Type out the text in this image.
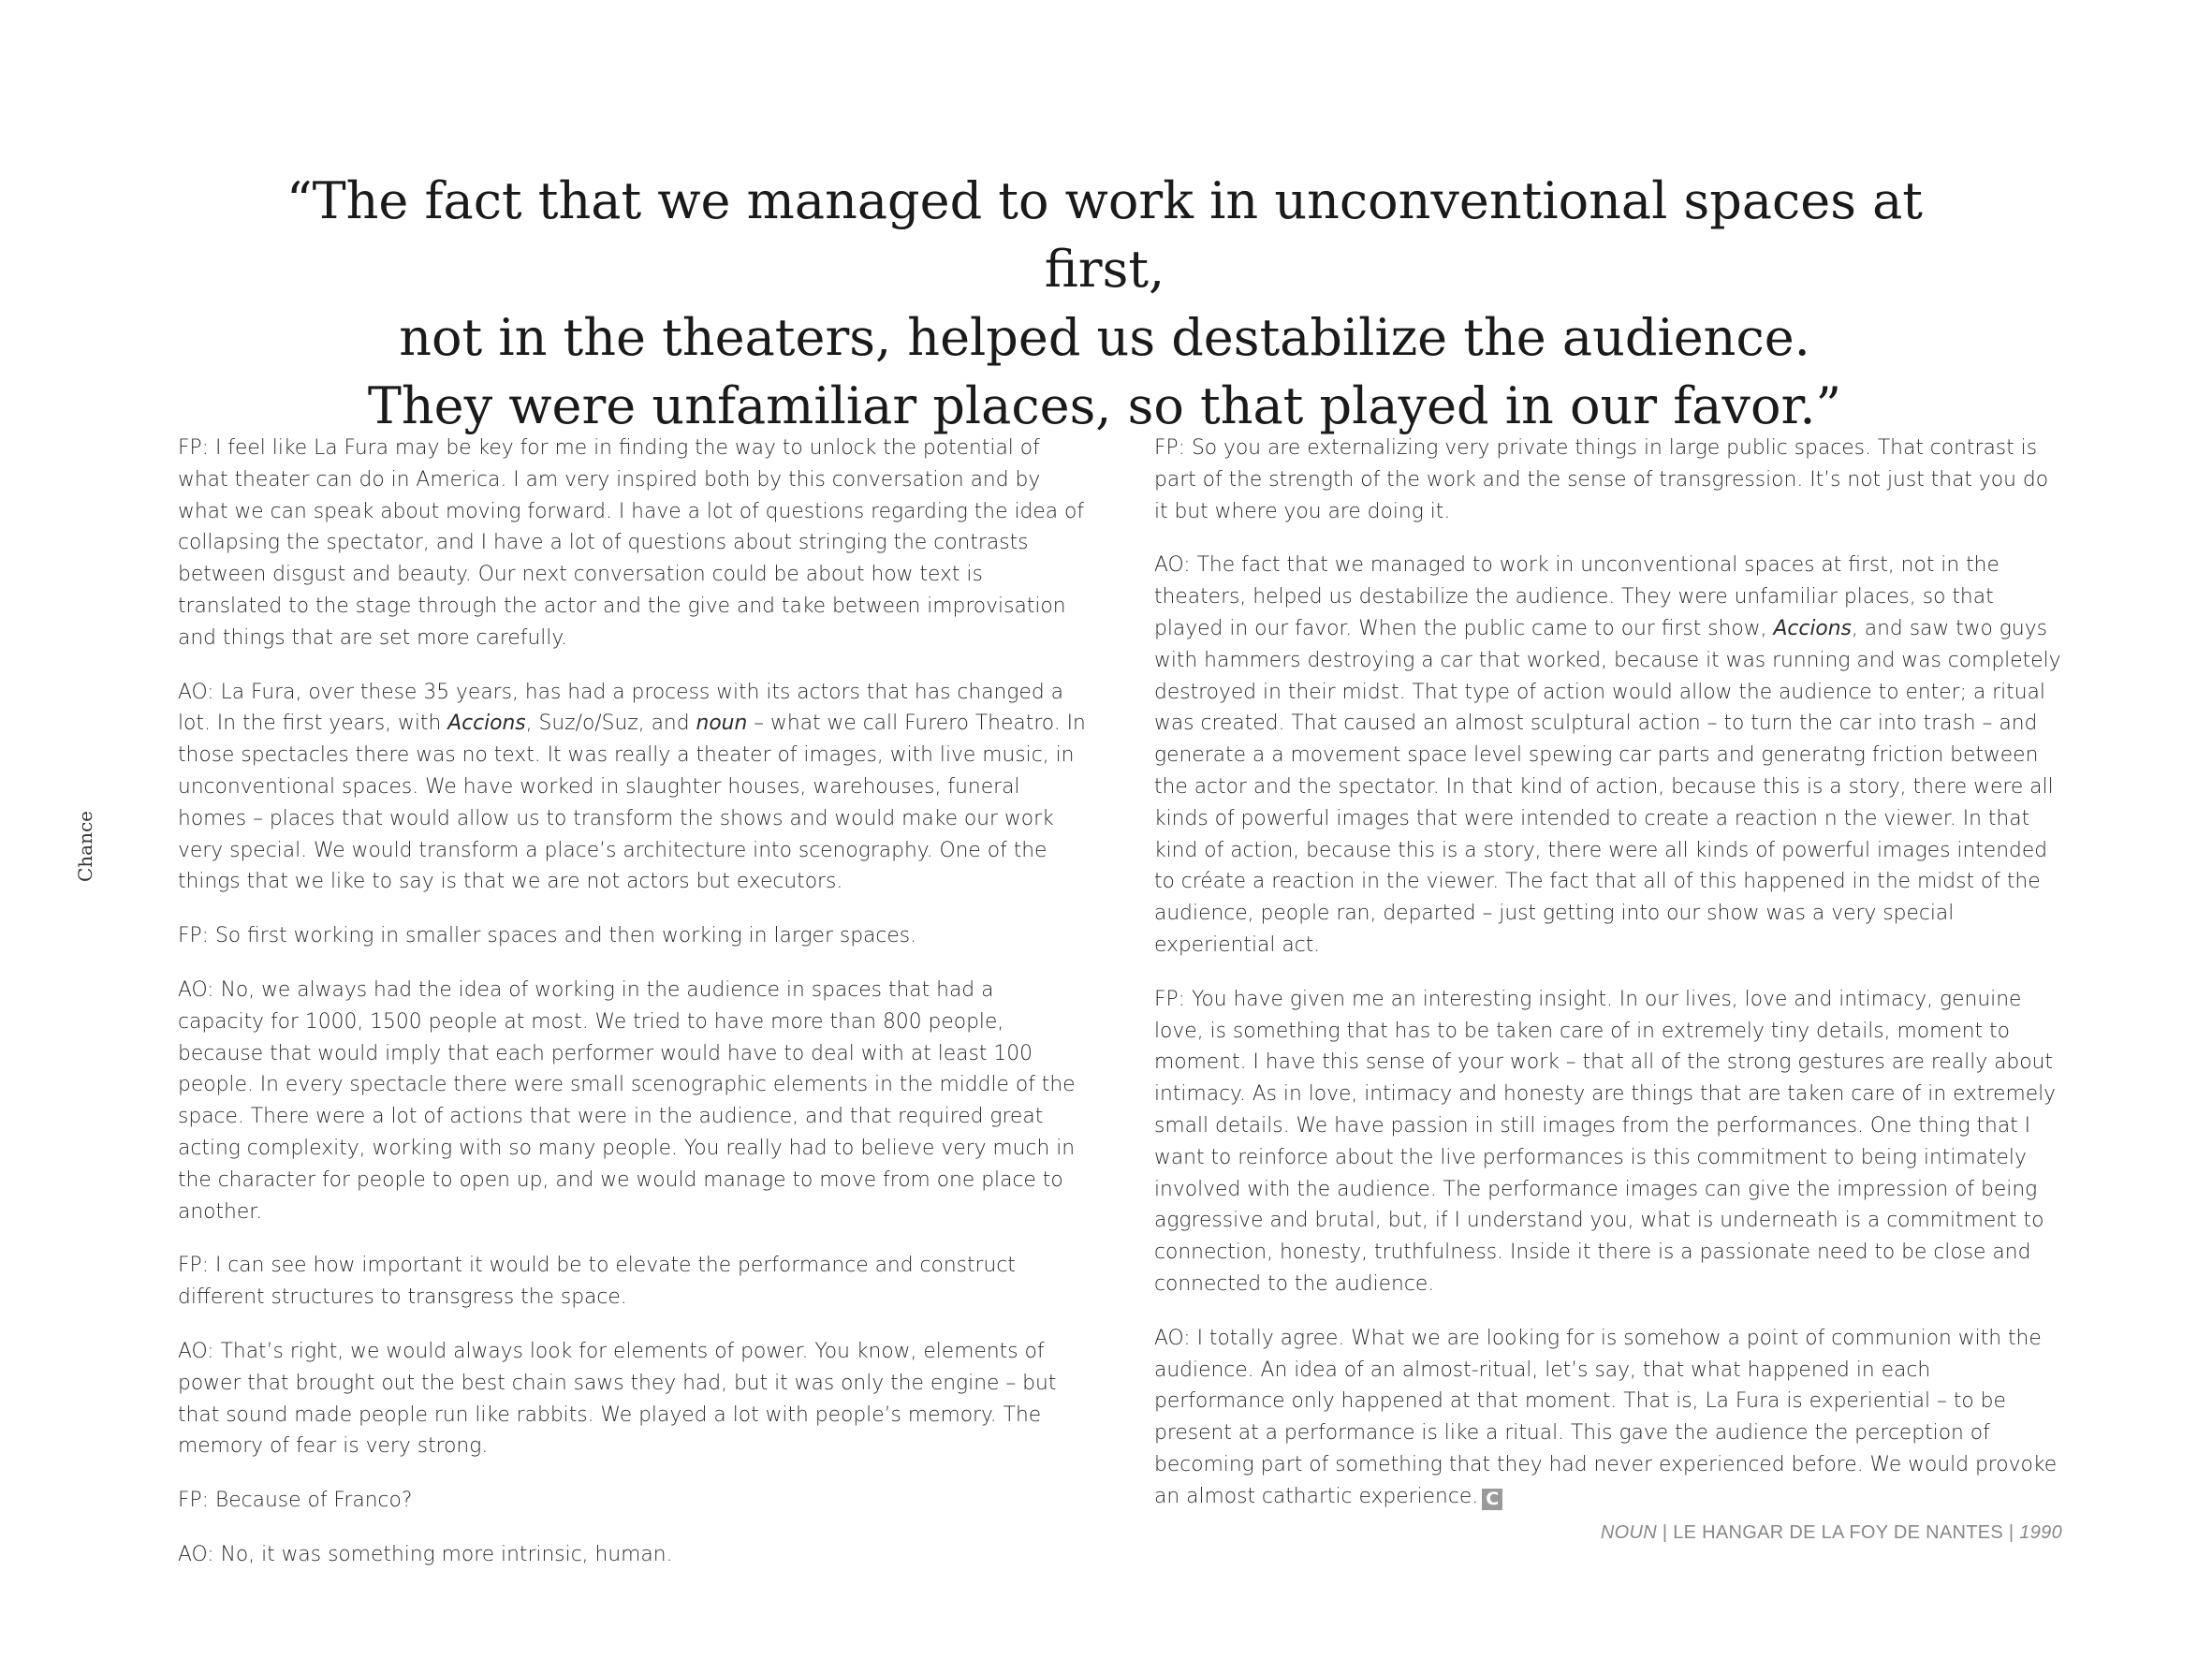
“The fact that we managed to work in unconventional spaces at first,
not in the theaters, helped us destabilize the audience.
They were unfamiliar places, so that played in our favor.”
Chance

FP: I feel like La Fura may be key for me in finding the way to unlock the potential of what theater can do in America. I am very inspired both by this conversation and by what we can speak about moving forward. I have a lot of questions regarding the idea of collapsing the spectator, and I have a lot of questions about stringing the contrasts between disgust and beauty. Our next conversation could be about how text is translated to the stage through the actor and the give and take between improvisation and things that are set more carefully.

AO: La Fura, over these 35 years, has had a process with its actors that has changed a lot. In the first years, with Accions, Suz/o/Suz, and noun – what we call Furero Theatro. In those spectacles there was no text. It was really a theater of images, with live music, in unconventional spaces. We have worked in slaughter houses, warehouses, funeral homes – places that would allow us to transform the shows and would make our work very special. We would transform a place’s architecture into scenography. One of the things that we like to say is that we are not actors but executors.

FP: So first working in smaller spaces and then working in larger spaces.

AO: No, we always had the idea of working in the audience in spaces that had a capacity for 1000, 1500 people at most. We tried to have more than 800 people, because that would imply that each performer would have to deal with at least 100 people. In every spectacle there were small scenographic elements in the middle of the space. There were a lot of actions that were in the audience, and that required great acting complexity, working with so many people. You really had to believe very much in the character for people to open up, and we would manage to move from one place to another.

FP: I can see how important it would be to elevate the performance and construct different structures to transgress the space.

AO: That’s right, we would always look for elements of power. You know, elements of power that brought out the best chain saws they had, but it was only the engine – but that sound made people run like rabbits. We played a lot with people’s memory. The memory of fear is very strong.

FP: Because of Franco?

AO: No, it was something more intrinsic, human.

FP: So you are externalizing very private things in large public spaces. That contrast is part of the strength of the work and the sense of transgression. It’s not just that you do it but where you are doing it.

AO: The fact that we managed to work in unconventional spaces at first, not in the theaters, helped us destabilize the audience. They were unfamiliar places, so that played in our favor. When the public came to our first show, Accions, and saw two guys with hammers destroying a car that worked, because it was running and was completely destroyed in their midst. That type of action would allow the audience to enter; a ritual was created. That caused an almost sculptural action – to turn the car into trash – and generate a a movement space level spewing car parts and generatng friction between the actor and the spectator. In that kind of action, because this is a story, there were all kinds of powerful images that were intended to create a reaction n the viewer. In that kind of action, because this is a story, there were all kinds of powerful images intended to créate a reaction in the viewer. The fact that all of this happened in the midst of the audience, people ran, departed – just getting into our show was a very special experiential act.

FP: You have given me an interesting insight. In our lives, love and intimacy, genuine love, is something that has to be taken care of in extremely tiny details, moment to moment. I have this sense of your work – that all of the strong gestures are really about intimacy. As in love, intimacy and honesty are things that are taken care of in extremely small details. We have passion in still images from the performances. One thing that I want to reinforce about the live performances is this commitment to being intimately involved with the audience. The performance images can give the impression of being aggressive and brutal, but, if I understand you, what is underneath is a commitment to connection, honesty, truthfulness. Inside it there is a passionate need to be close and connected to the audience.

AO: I totally agree. What we are looking for is somehow a point of communion with the audience. An idea of an almost-ritual, let’s say, that what happened in each performance only happened at that moment. That is, La Fura is experiential – to be present at a performance is like a ritual. This gave the audience the perception of becoming part of something that they had never experienced before. We would provoke an almost cathartic experience. C

NOUN | LE HANGAR DE LA FOY DE NANTES | 1990
